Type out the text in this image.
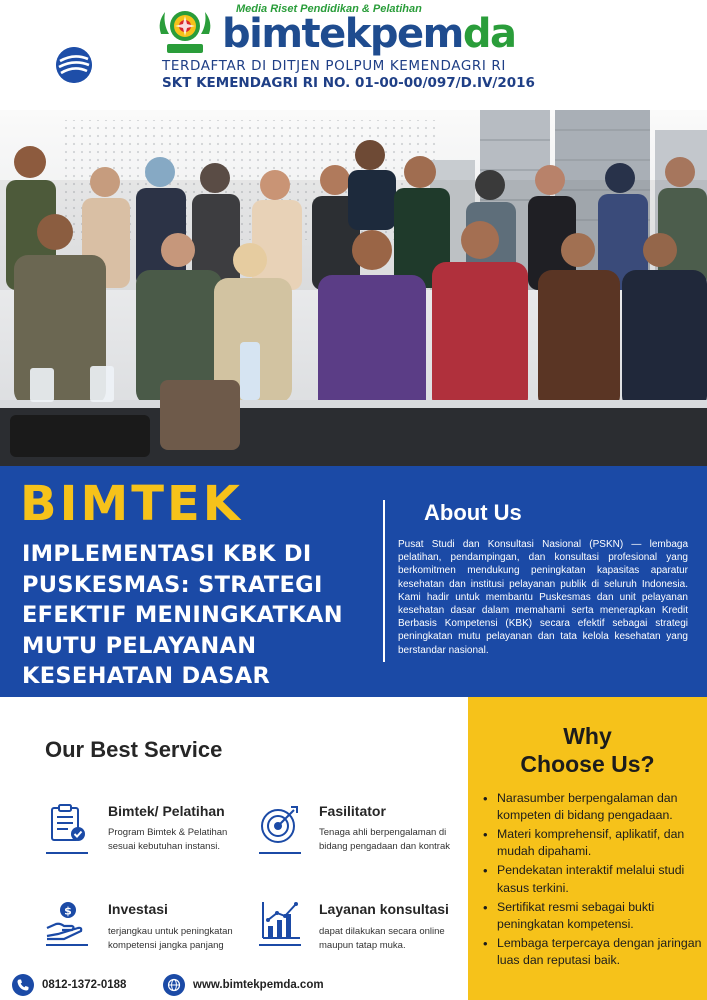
Media Riset Pendidikan & Pelatihan
bimtekpemda
TERDAFTAR DI DITJEN POLPUM KEMENDAGRI RI
SKT KEMENDAGRI RI NO. 01-00-00/097/D.IV/2016
BIMTEK
IMPLEMENTASI KBK DI PUSKESMAS: STRATEGI EFEKTIF MENINGKATKAN MUTU PELAYANAN KESEHATAN DASAR
About Us
Pusat Studi dan Konsultasi Nasional (PSKN) — lembaga pelatihan, pendampingan, dan konsultasi profesional yang berkomitmen mendukung peningkatan kapasitas aparatur kesehatan dan institusi pelayanan publik di seluruh Indonesia. Kami hadir untuk membantu Puskesmas dan unit pelayanan kesehatan dasar dalam memahami serta menerapkan Kredit Berbasis Kompetensi (KBK) secara efektif sebagai strategi peningkatan mutu pelayanan dan tata kelola kesehatan yang berstandar nasional.
Our Best Service
Bimtek/ Pelatihan
Program Bimtek & Pelatihan sesuai kebutuhan instansi.
Fasilitator
Tenaga ahli berpengalaman di bidang pengadaan dan kontrak
$	Investasi
terjangkau untuk peningkatan kompetensi jangka panjang
Layanan konsultasi
dapat dilakukan secara online maupun tatap muka.
Why
Choose Us?
• Narasumber berpengalaman dan kompeten di bidang pengadaan.
• Materi komprehensif, aplikatif, dan mudah dipahami.
• Pendekatan interaktif melalui studi kasus terkini.
• Sertifikat resmi sebagai bukti peningkatan kompetensi.
• Lembaga terpercaya dengan jaringan luas dan reputasi baik.
0812-1372-0188	www.bimtekpemda.com
